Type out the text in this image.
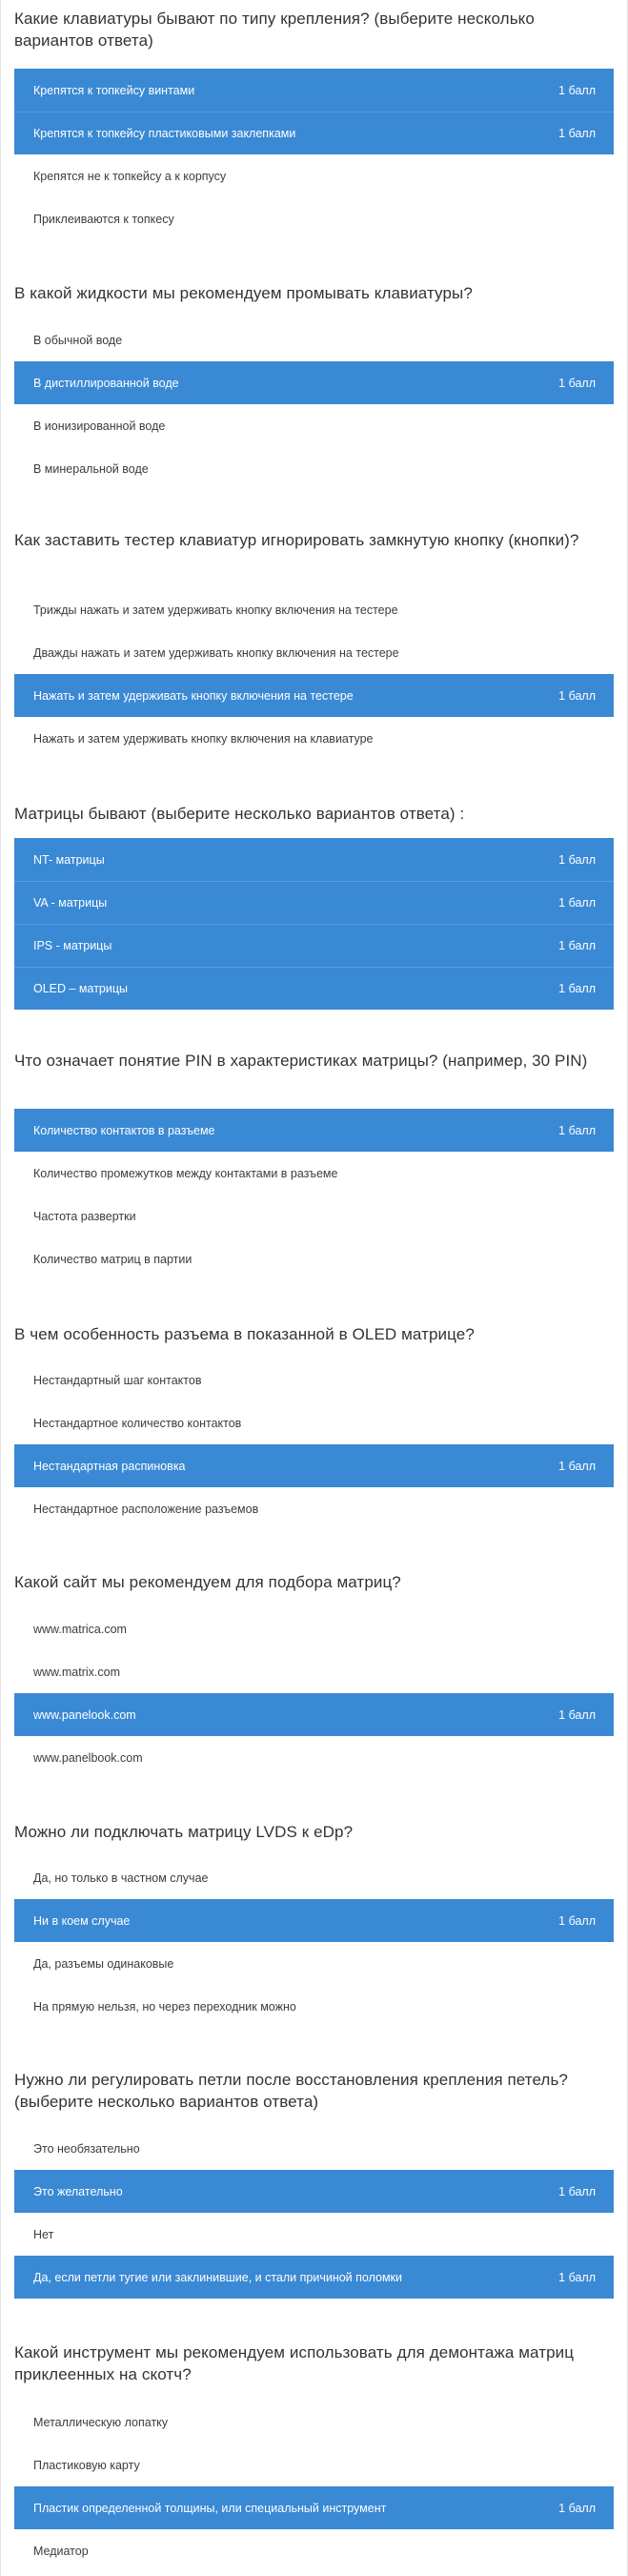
Какие клавиатуры бывают по типу крепления? (выберите несколько вариантов ответа)
Крепятся к топкейсу винтами	1 балл
Крепятся к топкейсу пластиковыми заклепками	1 балл
Крепятся не к топкейсу а к корпусу
Приклеиваются к топкесу
В какой жидкости мы рекомендуем промывать клавиатуры?
В обычной воде
В дистиллированной воде	1 балл
В ионизированной воде
В минеральной воде
Как заставить тестер клавиатур игнорировать замкнутую кнопку (кнопки)?
Трижды нажать и затем удерживать кнопку включения на тестере
Дважды нажать и затем удерживать кнопку включения на тестере
Нажать и затем удерживать кнопку включения на тестере	1 балл
Нажать и затем удерживать кнопку включения на клавиатуре
Матрицы бывают (выберите несколько вариантов ответа) :
NT- матрицы	1 балл
VA - матрицы	1 балл
IPS - матрицы	1 балл
OLED – матрицы	1 балл
Что означает понятие PIN в характеристиках матрицы? (например, 30 PIN)
Количество контактов в разъеме	1 балл
Количество промежутков между контактами в разъеме
Частота развертки
Количество матриц в партии
В чем особенность разъема в показанной в OLED матрице?
Нестандартный шаг контактов
Нестандартное количество контактов
Нестандартная распиновка	1 балл
Нестандартное расположение разъемов
Какой сайт мы рекомендуем для подбора матриц?
www.matrica.com
www.matrix.com
www.panelook.com	1 балл
www.panelbook.com
Можно ли подключать матрицу LVDS к eDp?
Да, но только в частном случае
Ни в коем случае	1 балл
Да, разъемы одинаковые
На прямую нельзя, но через переходник можно
Нужно ли регулировать петли после восстановления крепления петель? (выберите несколько вариантов ответа)
Это необязательно
Это желательно	1 балл
Нет
Да, если петли тугие или заклинившие, и стали причиной поломки	1 балл
Какой инструмент мы рекомендуем использовать для демонтажа матриц приклеенных на скотч?
Металлическую лопатку
Пластиковую карту
Пластик определенной толщины, или специальный инструмент	1 балл
Медиатор
